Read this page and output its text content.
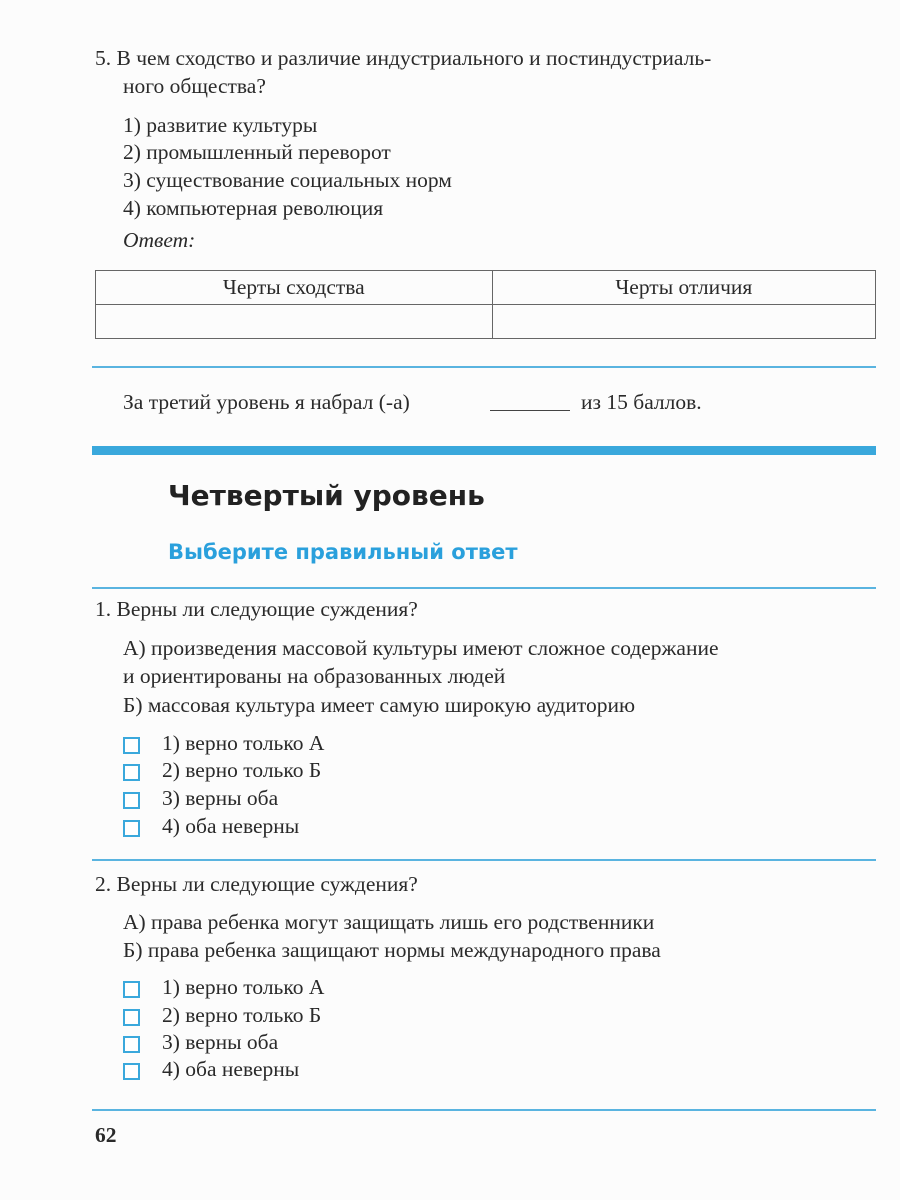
5. В чем сходство и различие индустриального и постиндустриаль-
ного общества?
1) развитие культуры
2) промышленный переворот
3) существование социальных норм
4) компьютерная революция
Ответ:
Черты сходства	Черты отличия

За третий уровень я набрал (-а)	из 15 баллов.
Четвертый уровень
Выберите правильный ответ
1. Верны ли следующие суждения?
А) произведения массовой культуры имеют сложное содержание
и ориентированы на образованных людей
Б) массовая культура имеет самую широкую аудиторию
1) верно только А
2) верно только Б
3) верны оба
4) оба неверны
2. Верны ли следующие суждения?
А) права ребенка могут защищать лишь его родственники
Б) права ребенка защищают нормы международного права
1) верно только А
2) верно только Б
3) верны оба
4) оба неверны
62
